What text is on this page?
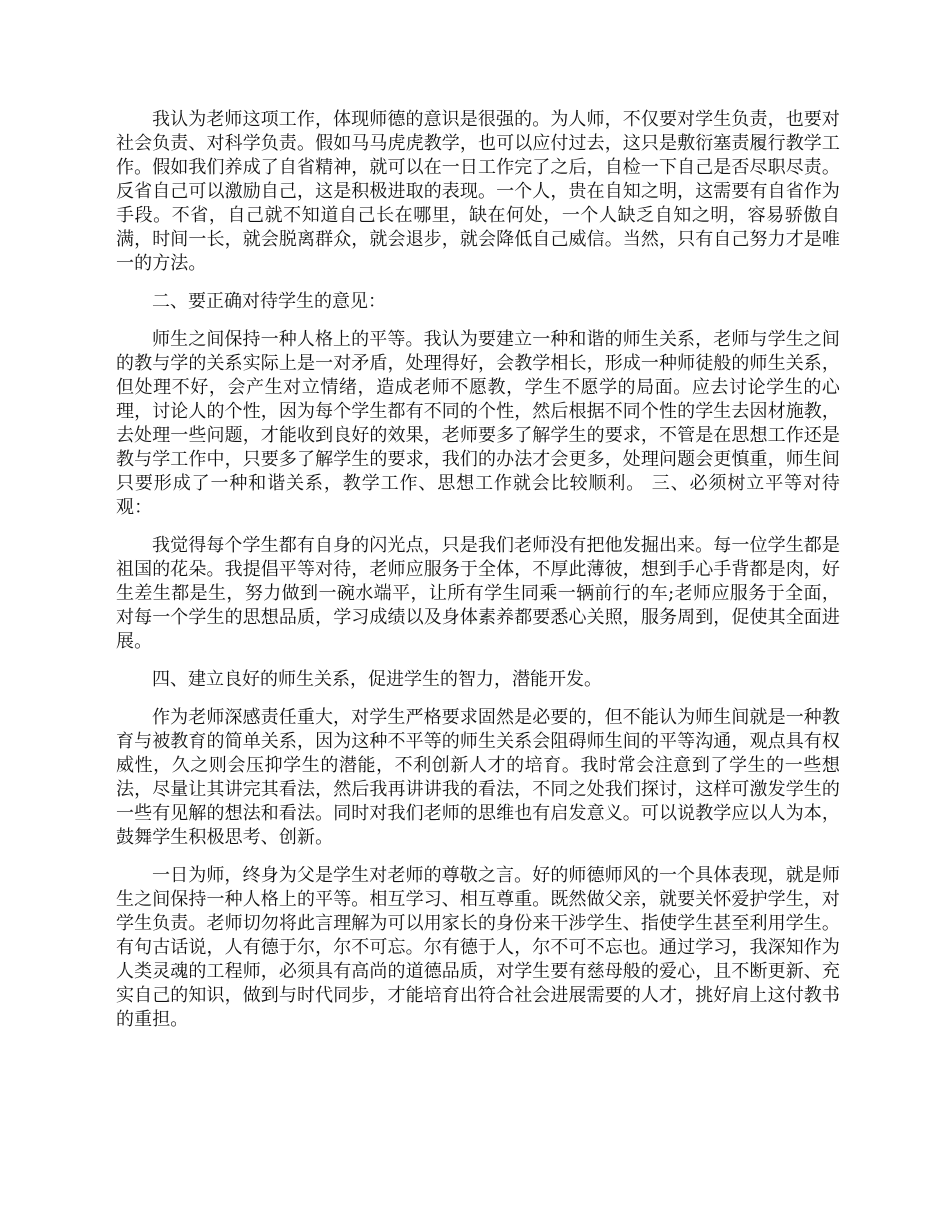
我认为老师这项工作，体现师德的意识是很强的。为人师，不仅要对学生负责，也要对社会负责、对科学负责。假如马马虎虎教学，也可以应付过去，这只是敷衍塞责履行教学工作。假如我们养成了自省精神，就可以在一日工作完了之后，自检一下自己是否尽职尽责。反省自己可以激励自己，这是积极进取的表现。一个人，贵在自知之明，这需要有自省作为手段。不省，自己就不知道自己长在哪里，缺在何处，一个人缺乏自知之明，容易骄傲自满，时间一长，就会脱离群众，就会退步，就会降低自己威信。当然，只有自己努力才是唯一的方法。

二、要正确对待学生的意见：

师生之间保持一种人格上的平等。我认为要建立一种和谐的师生关系，老师与学生之间的教与学的关系实际上是一对矛盾，处理得好，会教学相长，形成一种师徒般的师生关系，但处理不好，会产生对立情绪，造成老师不愿教，学生不愿学的局面。应去讨论学生的心理，讨论人的个性，因为每个学生都有不同的个性，然后根据不同个性的学生去因材施教，去处理一些问题，才能收到良好的效果，老师要多了解学生的要求，不管是在思想工作还是教与学工作中，只要多了解学生的要求，我们的办法才会更多，处理问题会更慎重，师生间只要形成了一种和谐关系，教学工作、思想工作就会比较顺利。 三、必须树立平等对待观：

我觉得每个学生都有自身的闪光点，只是我们老师没有把他发掘出来。每一位学生都是祖国的花朵。我提倡平等对待，老师应服务于全体，不厚此薄彼，想到手心手背都是肉，好生差生都是生，努力做到一碗水端平，让所有学生同乘一辆前行的车;老师应服务于全面，对每一个学生的思想品质，学习成绩以及身体素养都要悉心关照，服务周到，促使其全面进展。

四、建立良好的师生关系，促进学生的智力，潜能开发。

作为老师深感责任重大，对学生严格要求固然是必要的，但不能认为师生间就是一种教育与被教育的简单关系，因为这种不平等的师生关系会阻碍师生间的平等沟通，观点具有权威性，久之则会压抑学生的潜能，不利创新人才的培育。我时常会注意到了学生的一些想法，尽量让其讲完其看法，然后我再讲讲我的看法，不同之处我们探讨，这样可激发学生的一些有见解的想法和看法。同时对我们老师的思维也有启发意义。可以说教学应以人为本，鼓舞学生积极思考、创新。

一日为师，终身为父是学生对老师的尊敬之言。好的师德师风的一个具体表现，就是师生之间保持一种人格上的平等。相互学习、相互尊重。既然做父亲，就要关怀爱护学生，对学生负责。老师切勿将此言理解为可以用家长的身份来干涉学生、指使学生甚至利用学生。有句古话说，人有德于尔，尔不可忘。尔有德于人，尔不可不忘也。通过学习，我深知作为人类灵魂的工程师，必须具有高尚的道德品质，对学生要有慈母般的爱心，且不断更新、充实自己的知识，做到与时代同步，才能培育出符合社会进展需要的人才，挑好肩上这付教书的重担。
